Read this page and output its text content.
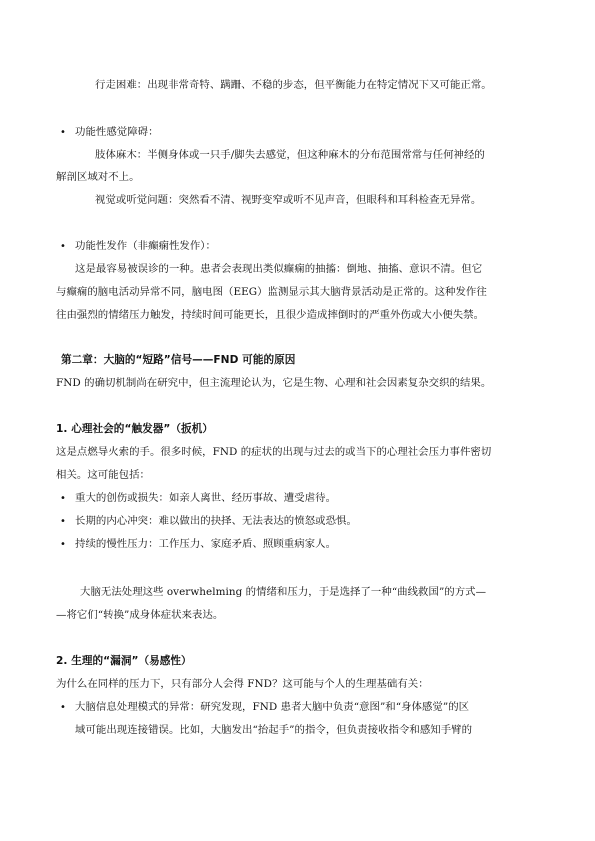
行走困难：出现非常奇特、蹒跚、不稳的步态，但平衡能力在特定情况下又可能正常。
• 功能性感觉障碍：
肢体麻木：半侧身体或一只手/脚失去感觉，但这种麻木的分布范围常常与任何神经的
解剖区域对不上。
视觉或听觉问题：突然看不清、视野变窄或听不见声音，但眼科和耳科检查无异常。
• 功能性发作（非癫痫性发作）：
这是最容易被误诊的一种。患者会表现出类似癫痫的抽搐：倒地、抽搐、意识不清。但它
与癫痫的脑电活动异常不同，脑电图（EEG）监测显示其大脑背景活动是正常的。这种发作往
往由强烈的情绪压力触发，持续时间可能更长，且很少造成摔倒时的严重外伤或大小便失禁。
第二章：大脑的“短路”信号——FND 可能的原因
FND 的确切机制尚在研究中，但主流理论认为，它是生物、心理和社会因素复杂交织的结果。
1. 心理社会的“触发器”（扳机）
这是点燃导火索的手。很多时候，FND 的症状的出现与过去的或当下的心理社会压力事件密切
相关。这可能包括：
• 重大的创伤或损失：如亲人离世、经历事故、遭受虐待。
• 长期的内心冲突：难以做出的抉择、无法表达的愤怒或恐惧。
• 持续的慢性压力：工作压力、家庭矛盾、照顾重病家人。
大脑无法处理这些 overwhelming 的情绪和压力，于是选择了一种“曲线救国”的方式—
—将它们“转换”成身体症状来表达。
2. 生理的“漏洞”（易感性）
为什么在同样的压力下，只有部分人会得 FND？这可能与个人的生理基础有关：
• 大脑信息处理模式的异常：研究发现，FND 患者大脑中负责“意图”和“身体感觉”的区
域可能出现连接错误。比如，大脑发出“抬起手”的指令，但负责接收指令和感知手臂的
